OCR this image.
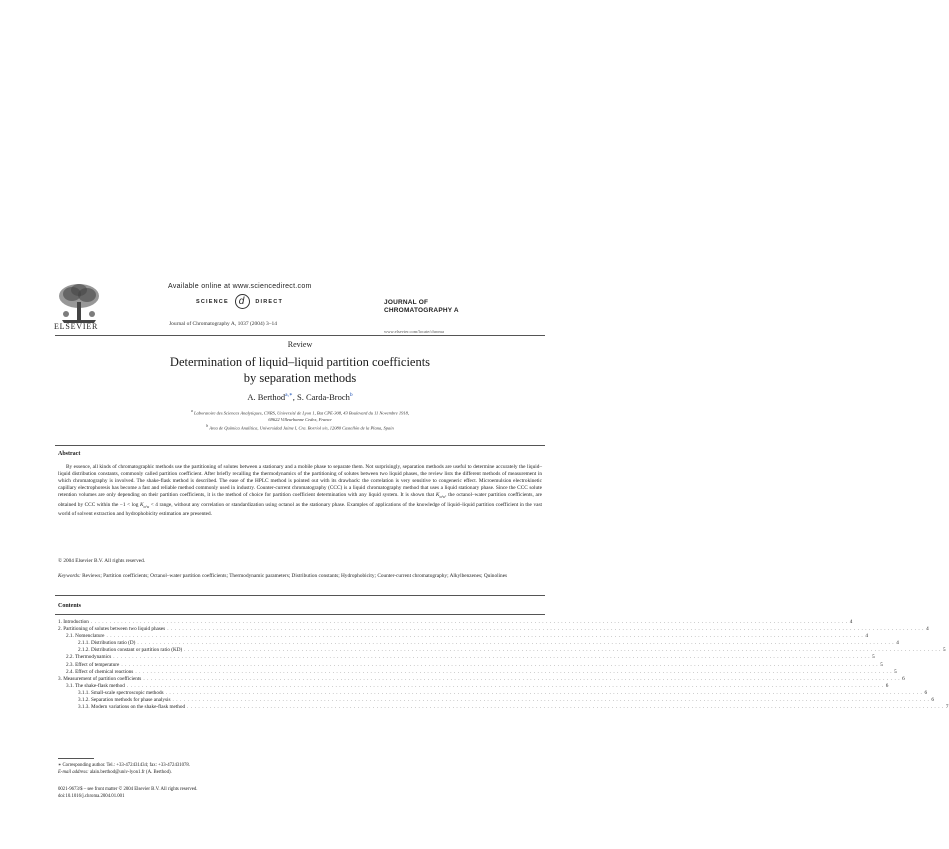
ELSEVIER
Available online at www.sciencedirect.com
SCIENCE d DIRECT
Journal of Chromatography A, 1037 (2004) 3–14
JOURNAL OF
CHROMATOGRAPHY A
www.elsevier.com/locate/chroma
Review
Determination of liquid–liquid partition coefficients
by separation methods
A. Berthod$^{a,∗}$, S. Carda-Broch$^b$
$^a$ Laboratoire des Sciences Analytiques, CNRS, Université de Lyon 1, Bat CPE-308, 43 Boulevard du 11 Novembre 1918,
69622 Villeurbanne Cedex, France
$^b$ Area de Química Analítica, Universidad Jaime I, Cra. Borriol s/n, 12080 Castellón de la Plana, Spain
Abstract
By essence, all kinds of chromatographic methods use the partitioning of solutes between a stationary and a mobile phase to separate them. Not surprisingly, separation methods are useful to determine accurately the liquid–liquid distribution constants, commonly called partition coefficient. After briefly recalling the thermodynamics of the partitioning of solutes between two liquid phases, the review lists the different methods of measurement in which chromatography is involved. The shake-flask method is described. The ease of the HPLC method is pointed out with its drawback: the correlation is very sensitive to congeneric effect. Microemulsion electrokinetic capillary electrophoresis has become a fast and reliable method commonly used in industry. Counter-current chromatography (CCC) is a liquid chromatography method that uses a liquid stationary phase. Since the CCC solute retention volumes are only depending on their partition coefficients, it is the method of choice for partition coefficient determination with any liquid system. It is shown that $K_{o/w}$, the octanol–water partition coefficients, are obtained by CCC within the $-1 < \log K_{o/w} < 4$ range, without any correlation or standardization using octanol as the stationary phase. Examples of applications of the knowledge of liquid–liquid partition coefficient in the vast world of solvent extraction and hydrophobicity estimation are presented.
© 2004 Elsevier B.V. All rights reserved.
Keywords: Reviews; Partition coefficients; Octanol–water partition coefficients; Thermodynamic parameters; Distribution constants; Hydrophobicity; Counter-current chromatography; Alkylbenzenes; Quinolines
Contents
1. Introduction . . . . . . . . . . . . . . . . . . . . . . . . . . . . . . . . . . . . . . . . . . . . . . . . . . . . . . . . . . . . . . . . . . . . . . . . . . . . . . . . . . . . . . . . . . . . . . . . . . . . . . . . . . . . . . . . . . . . . . . . . . . . . . . . . . . . . . . . . . . . . . . . . . . . . . . . . . . . . . . . . . . . . . . . . . . . . . . . . . . . . . . . . . . . . . . . . . . . . . . . 4
2. Partitioning of solutes between two liquid phases . . . . . . . . . . . . . . . . . . . . . . . . . . . . . . . . . . . . . . . . . . . . . . . . . . . . . . . . . . . . . . . . . . . . . . . . . . . . . . . . . . . . . . . . . . . . . . . . . . . . . . . . . . . . . . . . . . . . . . . . . . . . . . . . . . . . . . . . . . . . . . . . . . . . . . . . . . . . . . . . . . . . . . . . . . . . . . . . . . . . . . . . . . . . . . . . . . . . . . . . 4
2.1. Nomenclature . . . . . . . . . . . . . . . . . . . . . . . . . . . . . . . . . . . . . . . . . . . . . . . . . . . . . . . . . . . . . . . . . . . . . . . . . . . . . . . . . . . . . . . . . . . . . . . . . . . . . . . . . . . . . . . . . . . . . . . . . . . . . . . . . . . . . . . . . . . . . . . . . . . . . . . . . . . . . . . . . . . . . . . . . . . . . . . . . . . . . . . . . . . . . . . . . . . . . . . . 4
2.1.1. Distribution ratio (D) . . . . . . . . . . . . . . . . . . . . . . . . . . . . . . . . . . . . . . . . . . . . . . . . . . . . . . . . . . . . . . . . . . . . . . . . . . . . . . . . . . . . . . . . . . . . . . . . . . . . . . . . . . . . . . . . . . . . . . . . . . . . . . . . . . . . . . . . . . . . . . . . . . . . . . . . . . . . . . . . . . . . . . . . . . . . . . . . . . . . . . . . . . . . . . . . . . . . . . . . 4
2.1.2. Distribution constant or partition ratio (KD) . . . . . . . . . . . . . . . . . . . . . . . . . . . . . . . . . . . . . . . . . . . . . . . . . . . . . . . . . . . . . . . . . . . . . . . . . . . . . . . . . . . . . . . . . . . . . . . . . . . . . . . . . . . . . . . . . . . . . . . . . . . . . . . . . . . . . . . . . . . . . . . . . . . . . . . . . . . . . . . . . . . . . . . . . . . . . . . . . . . . . . . . . . . . . . . . . . . . . . . . 5
2.2. Thermodynamics . . . . . . . . . . . . . . . . . . . . . . . . . . . . . . . . . . . . . . . . . . . . . . . . . . . . . . . . . . . . . . . . . . . . . . . . . . . . . . . . . . . . . . . . . . . . . . . . . . . . . . . . . . . . . . . . . . . . . . . . . . . . . . . . . . . . . . . . . . . . . . . . . . . . . . . . . . . . . . . . . . . . . . . . . . . . . . . . . . . . . . . . . . . . . . . . . . . . . . . . 5
2.3. Effect of temperature . . . . . . . . . . . . . . . . . . . . . . . . . . . . . . . . . . . . . . . . . . . . . . . . . . . . . . . . . . . . . . . . . . . . . . . . . . . . . . . . . . . . . . . . . . . . . . . . . . . . . . . . . . . . . . . . . . . . . . . . . . . . . . . . . . . . . . . . . . . . . . . . . . . . . . . . . . . . . . . . . . . . . . . . . . . . . . . . . . . . . . . . . . . . . . . . . . . . . . . . 5
2.4. Effect of chemical reactions . . . . . . . . . . . . . . . . . . . . . . . . . . . . . . . . . . . . . . . . . . . . . . . . . . . . . . . . . . . . . . . . . . . . . . . . . . . . . . . . . . . . . . . . . . . . . . . . . . . . . . . . . . . . . . . . . . . . . . . . . . . . . . . . . . . . . . . . . . . . . . . . . . . . . . . . . . . . . . . . . . . . . . . . . . . . . . . . . . . . . . . . . . . . . . . . . . . . . . . . 5
3. Measurement of partition coefficients . . . . . . . . . . . . . . . . . . . . . . . . . . . . . . . . . . . . . . . . . . . . . . . . . . . . . . . . . . . . . . . . . . . . . . . . . . . . . . . . . . . . . . . . . . . . . . . . . . . . . . . . . . . . . . . . . . . . . . . . . . . . . . . . . . . . . . . . . . . . . . . . . . . . . . . . . . . . . . . . . . . . . . . . . . . . . . . . . . . . . . . . . . . . . . . . . . . . . . . . 6
3.1. The shake-flask method . . . . . . . . . . . . . . . . . . . . . . . . . . . . . . . . . . . . . . . . . . . . . . . . . . . . . . . . . . . . . . . . . . . . . . . . . . . . . . . . . . . . . . . . . . . . . . . . . . . . . . . . . . . . . . . . . . . . . . . . . . . . . . . . . . . . . . . . . . . . . . . . . . . . . . . . . . . . . . . . . . . . . . . . . . . . . . . . . . . . . . . . . . . . . . . . . . . . . . . . 6
3.1.1. Small-scale spectroscopic methods . . . . . . . . . . . . . . . . . . . . . . . . . . . . . . . . . . . . . . . . . . . . . . . . . . . . . . . . . . . . . . . . . . . . . . . . . . . . . . . . . . . . . . . . . . . . . . . . . . . . . . . . . . . . . . . . . . . . . . . . . . . . . . . . . . . . . . . . . . . . . . . . . . . . . . . . . . . . . . . . . . . . . . . . . . . . . . . . . . . . . . . . . . . . . . . . . . . . . . . . 6
3.1.2. Separation methods for phase analysis . . . . . . . . . . . . . . . . . . . . . . . . . . . . . . . . . . . . . . . . . . . . . . . . . . . . . . . . . . . . . . . . . . . . . . . . . . . . . . . . . . . . . . . . . . . . . . . . . . . . . . . . . . . . . . . . . . . . . . . . . . . . . . . . . . . . . . . . . . . . . . . . . . . . . . . . . . . . . . . . . . . . . . . . . . . . . . . . . . . . . . . . . . . . . . . . . . . . . . . . 6
3.1.3. Modern variations on the shake-flask method . . . . . . . . . . . . . . . . . . . . . . . . . . . . . . . . . . . . . . . . . . . . . . . . . . . . . . . . . . . . . . . . . . . . . . . . . . . . . . . . . . . . . . . . . . . . . . . . . . . . . . . . . . . . . . . . . . . . . . . . . . . . . . . . . . . . . . . . . . . . . . . . . . . . . . . . . . . . . . . . . . . . . . . . . . . . . . . . . . . . . . . . . . . . . . . . . . . . . . . . 7
∗ Corresponding author. Tel.: +33-472431434; fax: +33-472431078.
E-mail address: alain.berthod@univ-lyon1.fr (A. Berthod).
0021-9673/$ – see front matter © 2004 Elsevier B.V. All rights reserved.
doi:10.1016/j.chroma.2004.01.001
